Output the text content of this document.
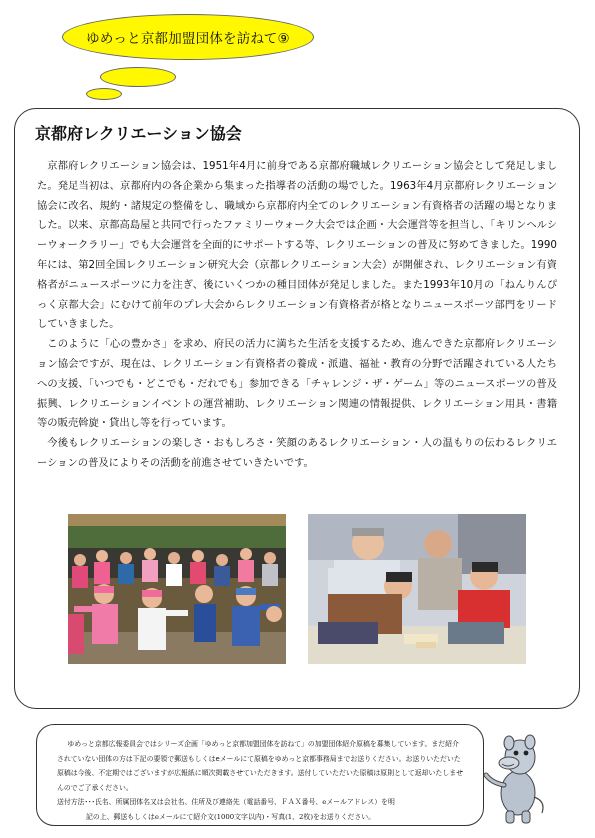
ゆめっと京都加盟団体を訪ねて⑨
京都府レクリエーション協会

京都府レクリエーション協会は、1951年4月に前身である京都府職域レクリエーション協会として発足しました。発足当初は、京都府内の各企業から集まった指導者の活動の場でした。1963年4月京都府レクリエーション協会に改名、規約・諸規定の整備をし、職域から京都府内全てのレクリエーション有資格者の活躍の場となりました。以来、京都高島屋と共同で行ったファミリーウォーク大会では企画・大会運営等を担当し、「キリンヘルシーウォークラリー」でも大会運営を全面的にサポートする等、レクリエーションの普及に努めてきました。1990年には、第2回全国レクリエーション研究大会（京都レクリエーション大会）が開催され、レクリエーション有資格者がニュースポーツに力を注ぎ、後にいくつかの種目団体が発足しました。また1993年10月の「ねんりんぴっく京都大会」にむけて前年のプレ大会からレクリエーション有資格者が格となりニュースポーツ部門をリードしていきました。

このように「心の豊かさ」を求め、府民の活力に満ちた生活を支援するため、進んできた京都府レクリエーション協会ですが、現在は、レクリエーション有資格者の養成・派遣、福祉・教育の分野で活躍されている人たちへの支援、「いつでも・どこでも・だれでも」参加できる「チャレンジ・ザ・ゲーム」等のニュースポーツの普及振興、レクリエーションイベントの運営補助、レクリエーション関連の情報提供、レクリエーション用具・書籍等の販売斡旋・貸出し等を行っています。

今後もレクリエーションの楽しさ・おもしろさ・笑顔のあるレクリエーション・人の温もりの伝わるレクリエーションの普及によりその活動を前進させていきたいです。

ゆめっと京都広報委員会ではシリーズ企画「ゆめっと京都加盟団体を訪ねて」の加盟団体紹介原稿を募集しています。まだ紹介されていない団体の方は下記の要領で郵送もしくはeメールにて原稿をゆめっと京都事務局までお送りください。お送りいただいた原稿は今後、不定期ではございますが広報紙に順次掲載させていただきます。送付していただいた原稿は原則として返却いたしませんのでご了承ください。

送付方法･･･氏名、所属団体名又は会社名、住所及び連絡先（電話番号、ＦＡＸ番号、eメールアドレス）を明

記の上、郵送もしくはeメールにて紹介文(1000文字以内)・写真(1、2枚)をお送りください。
